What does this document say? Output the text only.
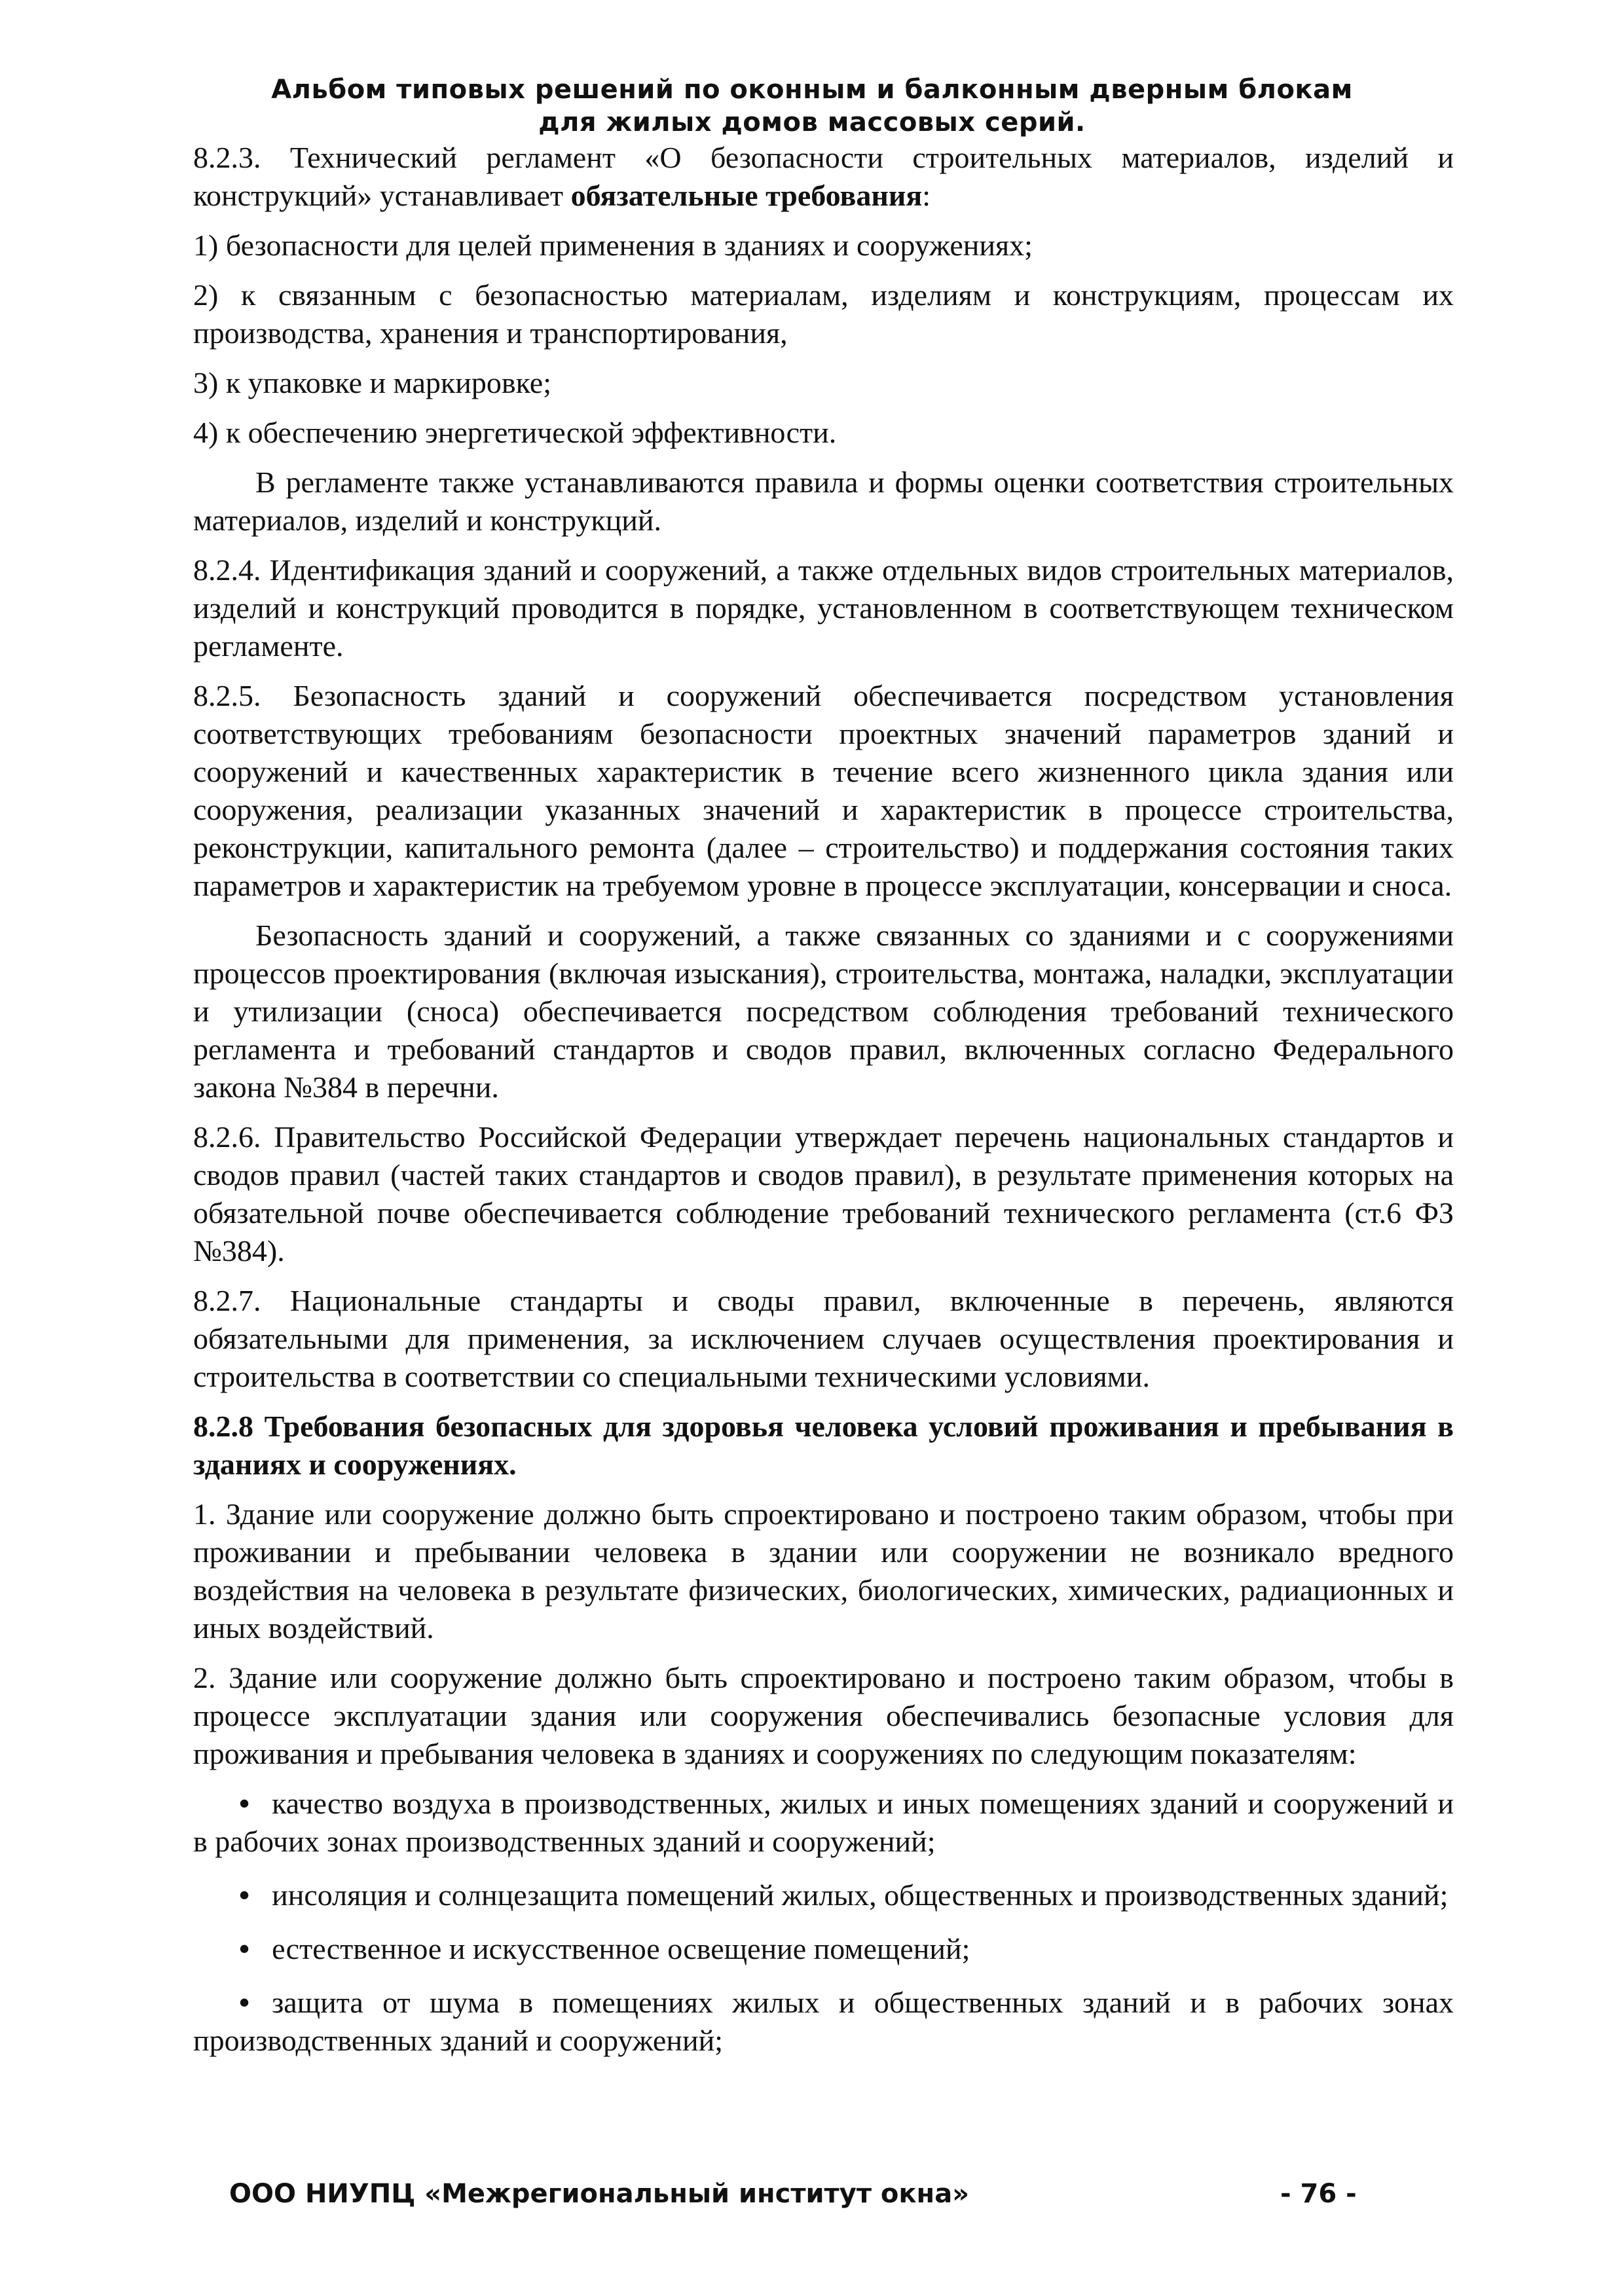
Альбом типовых решений по оконным и балконным дверным блокам
для жилых домов массовых серий.

8.2.3. Технический регламент «О безопасности строительных материалов, изделий и конструкций» устанавливает обязательные требования:

1) безопасности для целей применения в зданиях и сооружениях;
2) к связанным с безопасностью материалам, изделиям и конструкциям, процессам их производства, хранения и транспортирования,
3) к упаковке и маркировке;
4) к обеспечению энергетической эффективности.

В регламенте также устанавливаются правила и формы оценки соответствия строительных материалов, изделий и конструкций.

8.2.4. Идентификация зданий и сооружений, а также отдельных видов строительных материалов, изделий и конструкций проводится в порядке, установленном в соответствующем техническом регламенте.

8.2.5. Безопасность зданий и сооружений обеспечивается посредством установления соответствующих требованиям безопасности проектных значений параметров зданий и сооружений и качественных характеристик в течение всего жизненного цикла здания или сооружения, реализации указанных значений и характеристик в процессе строительства, реконструкции, капитального ремонта (далее – строительство) и поддержания состояния таких параметров и характеристик на требуемом уровне в процессе эксплуатации, консервации и сноса.

Безопасность зданий и сооружений, а также связанных со зданиями и с сооружениями процессов проектирования (включая изыскания), строительства, монтажа, наладки, эксплуатации и утилизации (сноса) обеспечивается посредством соблюдения требований технического регламента и требований стандартов и сводов правил, включенных согласно Федерального закона №384 в перечни.

8.2.6. Правительство Российской Федерации утверждает перечень национальных стандартов и сводов правил (частей таких стандартов и сводов правил), в результате применения которых на обязательной почве обеспечивается соблюдение требований технического регламента (ст.6 ФЗ №384).

8.2.7. Национальные стандарты и своды правил, включенные в перечень, являются обязательными для применения, за исключением случаев осуществления проектирования и строительства в соответствии со специальными техническими условиями.

8.2.8 Требования безопасных для здоровья человека условий проживания и пребывания в зданиях и сооружениях.

1. Здание или сооружение должно быть спроектировано и построено таким образом, чтобы при проживании и пребывании человека в здании или сооружении не возникало вредного воздействия на человека в результате физических, биологических, химических, радиационных и иных воздействий.

2. Здание или сооружение должно быть спроектировано и построено таким образом, чтобы в процессе эксплуатации здания или сооружения обеспечивались безопасные условия для проживания и пребывания человека в зданиях и сооружениях по следующим показателям:

• качество воздуха в производственных, жилых и иных помещениях зданий и сооружений и в рабочих зонах производственных зданий и сооружений;
• инсоляция и солнцезащита помещений жилых, общественных и производственных зданий;
• естественное и искусственное освещение помещений;
• защита от шума в помещениях жилых и общественных зданий и в рабочих зонах производственных зданий и сооружений;
ООО НИУПЦ «Межрегиональный институт окна»	- 76 -
